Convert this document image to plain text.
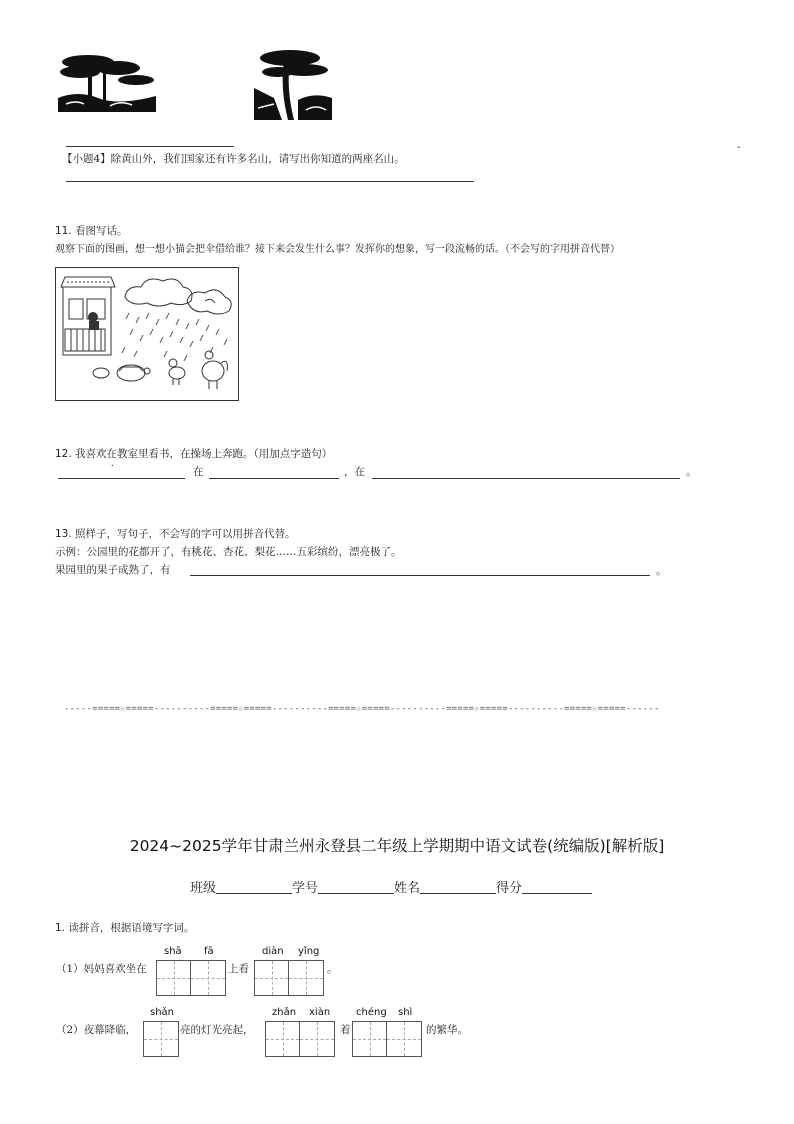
-
【小题4】除黄山外，我们国家还有许多名山，请写出你知道的两座名山。
11. 看图写话。
观察下面的图画，想一想小猫会把伞借给谁？接下来会发生什么事？发挥你的想象，写一段流畅的话。（不会写的字用拼音代替）
12. 我喜欢在教室里看书，在操场上奔跑。（用加点字造句）
在	，在	。
13. 照样子，写句子，不会写的字可以用拼音代替。
示例：公园里的花都开了，有桃花、杏花、梨花……五彩缤纷，漂亮极了。
果园里的果子成熟了，有	。
-----=====☆=====----------=====☆=====----------=====☆=====----------=====☆=====----------=====☆=====------
2024~2025学年甘肃兰州永登县二年级上学期期中语文试卷(统编版)[解析版]
班级	学号	姓名	得分
1. 读拼音，根据语境写字词。
shā fā	diàn yǐng
（1）妈妈喜欢坐在	上看	。
shǎn	zhǎn xiàn	chéng shì
（2）夜幕降临，	亮的灯光亮起，	着	的繁华。
